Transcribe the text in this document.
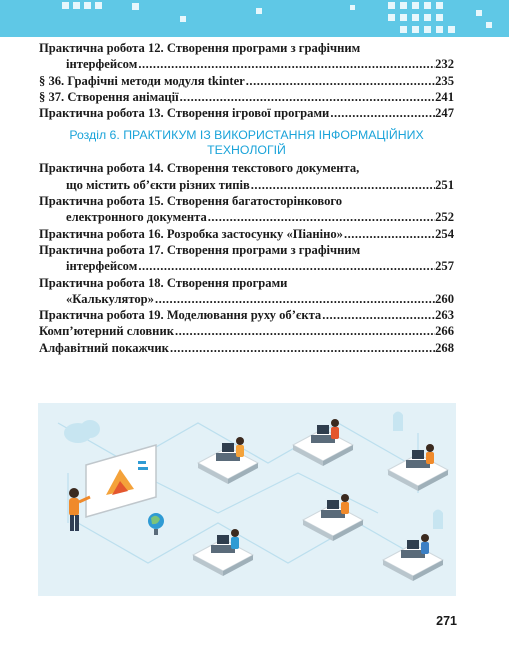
Практична робота 12. Створення програми з графічним
інтерфейсом .....	232
§ 36. Графічні методи модуля tkinter .....	235
§ 37. Створення анімації .....	241
Практична робота 13. Створення ігрової програми .....	247
Розділ 6. ПРАКТИКУМ ІЗ ВИКОРИСТАННЯ ІНФОРМАЦІЙНИХ
ТЕХНОЛОГІЙ
Практична робота 14. Створення текстового документа,
що містить об’єкти різних типів .....	251
Практична робота 15. Створення багатосторінкового
електронного документа .....	252
Практична робота 16. Розробка застосунку «Піаніно» .....	254
Практична робота 17. Створення програми з графічним
інтерфейсом .....	257
Практична робота 18. Створення програми
«Калькулятор» .....	260
Практична робота 19. Моделювання руху об’єкта .....	263
Комп’ютерний словник .....	266
Алфавітний покажчик .....	268
271
